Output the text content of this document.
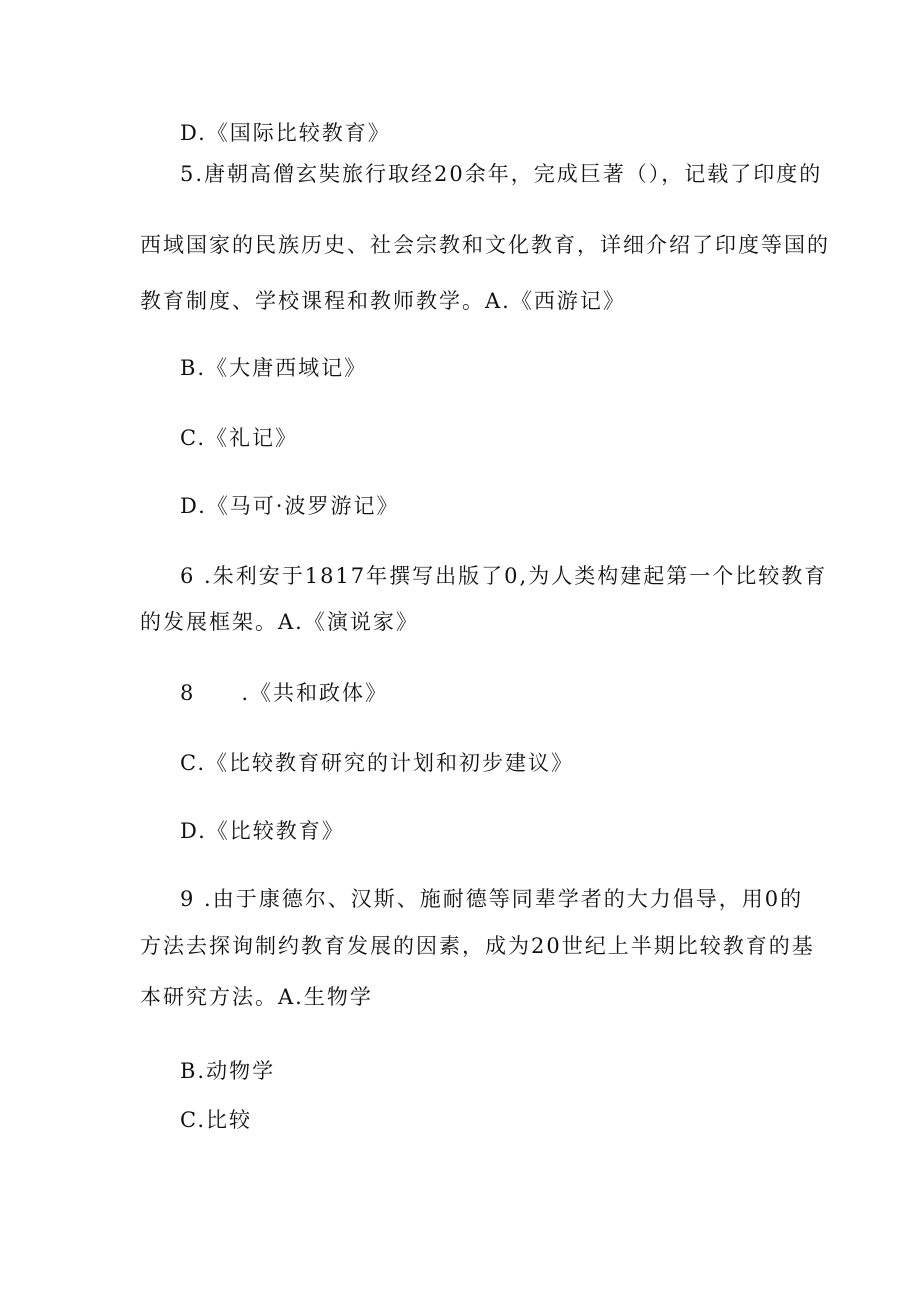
D.《国际比较教育》
5.唐朝高僧玄奘旅行取经20余年，完成巨著（），记载了印度的
西域国家的民族历史、社会宗教和文化教育，详细介绍了印度等国的
教育制度、学校课程和教师教学。A.《西游记》
B.《大唐西域记》
C.《礼记》
D.《马可·波罗游记》
6 .朱利安于1817年撰写出版了0,为人类构建起第一个比较教育
的发展框架。A.《演说家》
8　　.《共和政体》
C.《比较教育研究的计划和初步建议》
D.《比较教育》
9 .由于康德尔、汉斯、施耐德等同辈学者的大力倡导，用0的
方法去探询制约教育发展的因素，成为20世纪上半期比较教育的基
本研究方法。A.生物学
B.动物学
C.比较
